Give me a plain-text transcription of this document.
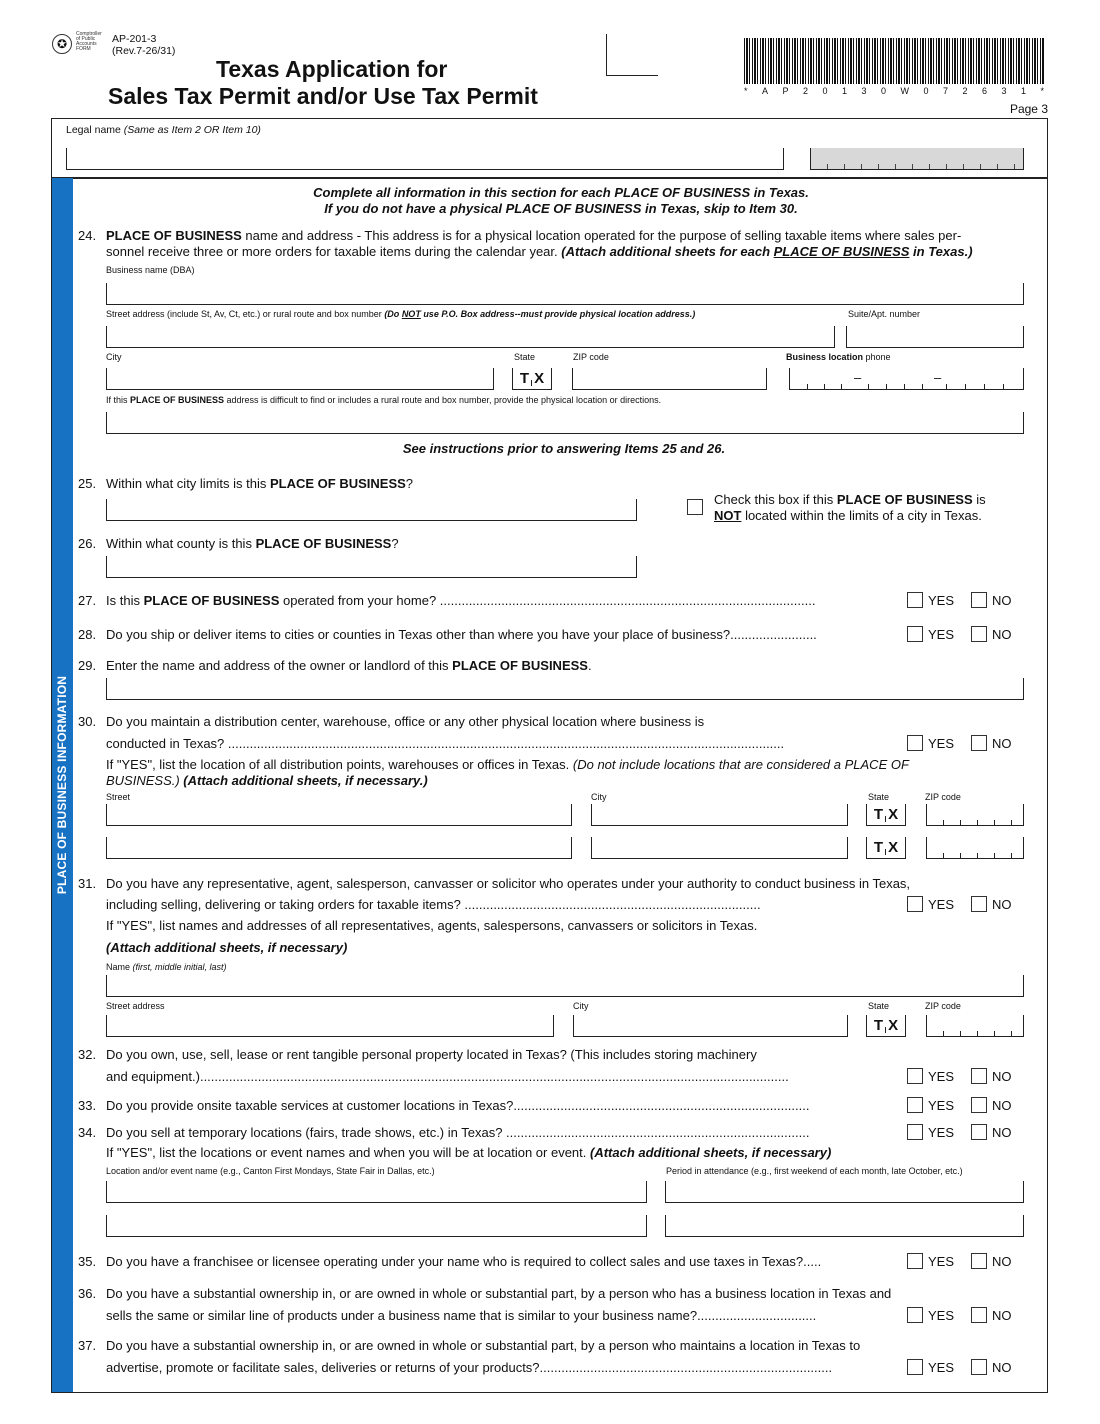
✪
Comptroller
of Public
Accounts
FORM
AP-201-3
(Rev.7-26/31)
Texas Application for
Sales Tax Permit and/or Use Tax Permit	* A P 2 0 1 3 0 W 0 7 2 6 3 1 *
Page 3
Legal name (Same as Item 2 OR Item 10)
PLACE OF BUSINESS INFORMATION
Complete all information in this section for each PLACE OF BUSINESS in Texas.
If you do not have a physical PLACE OF BUSINESS in Texas, skip to Item 30.
24. PLACE OF BUSINESS name and address - This address is for a physical location operated for the purpose of selling taxable items where sales per-
sonnel receive three or more orders for taxable items during the calendar year. (Attach additional sheets for each PLACE OF BUSINESS in Texas.)
Business name (DBA)
Street address (include St, Av, Ct, etc.) or rural route and box number (Do NOT use P.O. Box address--must provide physical location address.)	Suite/Apt. number
City	State	ZIP code	Business location phone
T X	–	–
If this PLACE OF BUSINESS address is difficult to find or includes a rural route and box number, provide the physical location or directions.
See instructions prior to answering Items 25 and 26.
25. Within what city limits is this PLACE OF BUSINESS?
Check this box if this PLACE OF BUSINESS is
NOT located within the limits of a city in Texas.
26. Within what county is this PLACE OF BUSINESS?
27. Is this PLACE OF BUSINESS operated from your home? ........................................................................................................	YES	NO
28. Do you ship or deliver items to cities or counties in Texas other than where you have your place of business?........................	YES	NO
29. Enter the name and address of the owner or landlord of this PLACE OF BUSINESS.
30. Do you maintain a distribution center, warehouse, office or any other physical location where business is
conducted in Texas? ..........................................................................................................................................................	YES	NO
If "YES", list the location of all distribution points, warehouses or offices in Texas. (Do not include locations that are considered a PLACE OF
BUSINESS.) (Attach additional sheets, if necessary.)
Street	City	State	ZIP code
T X
T X
31. Do you have any representative, agent, salesperson, canvasser or solicitor who operates under your authority to conduct business in Texas,
including selling, delivering or taking orders for taxable items? ..................................................................................	YES	NO
If "YES", list names and addresses of all representatives, agents, salespersons, canvassers or solicitors in Texas.
(Attach additional sheets, if necessary)
Name (first, middle initial, last)
Street address	City	State	ZIP code
T X
32. Do you own, use, sell, lease or rent tangible personal property located in Texas? (This includes storing machinery
and equipment.)...................................................................................................................................................................	YES	NO
33. Do you provide onsite taxable services at customer locations in Texas?..................................................................................	YES	NO
34. Do you sell at temporary locations (fairs, trade shows, etc.) in Texas? ....................................................................................	YES	NO
If "YES", list the locations or event names and when you will be at location or event. (Attach additional sheets, if necessary)
Location and/or event name (e.g., Canton First Mondays, State Fair in Dallas, etc.)	Period in attendance (e.g., first weekend of each month, late October, etc.)
35. Do you have a franchisee or licensee operating under your name who is required to collect sales and use taxes in Texas?.....	YES	NO
36. Do you have a substantial ownership in, or are owned in whole or substantial part, by a person who has a business location in Texas and
sells the same or similar line of products under a business name that is similar to your business name?.................................	YES	NO
37. Do you have a substantial ownership in, or are owned in whole or substantial part, by a person who maintains a location in Texas to
advertise, promote or facilitate sales, deliveries or returns of your products?.................................................................................	YES	NO
